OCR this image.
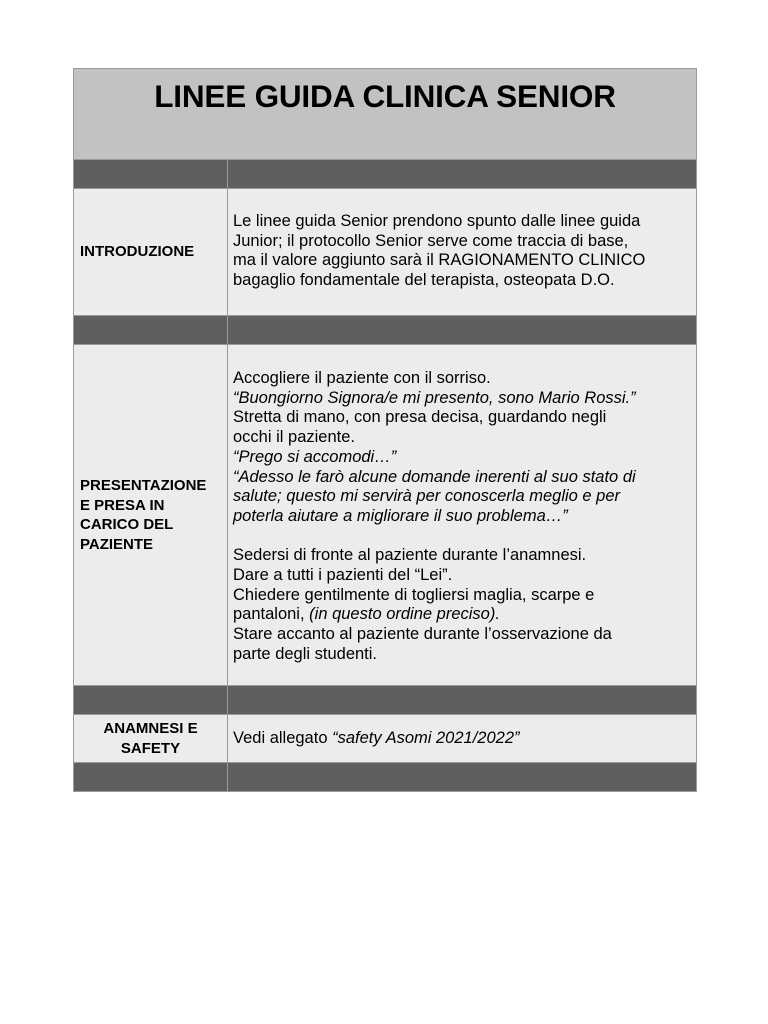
LINEE GUIDA CLINICA SENIOR
INTRODUZIONE

Le linee guida Senior prendono spunto dalle linee guida

Junior; il protocollo Senior serve come traccia di base,

ma il valore aggiunto sarà il RAGIONAMENTO CLINICO

bagaglio fondamentale del terapista, osteopata D.O.

PRESENTAZIONE
E PRESA IN
CARICO DEL
PAZIENTE

Accogliere il paziente con il sorriso.

“Buongiorno Signora/e mi presento, sono Mario Rossi.”

Stretta di mano, con presa decisa, guardando negli

occhi il paziente.

“Prego si accomodi…”

“Adesso le farò alcune domande inerenti al suo stato di

salute; questo mi servirà per conoscerla meglio e per

poterla aiutare a migliorare il suo problema…”

Sedersi di fronte al paziente durante l’anamnesi.

Dare a tutti i pazienti del “Lei”.

Chiedere gentilmente di togliersi maglia, scarpe e

pantaloni, (in questo ordine preciso).

Stare accanto al paziente durante l’osservazione da

parte degli studenti.

ANAMNESI E
SAFETY

Vedi allegato “safety Asomi 2021/2022”
